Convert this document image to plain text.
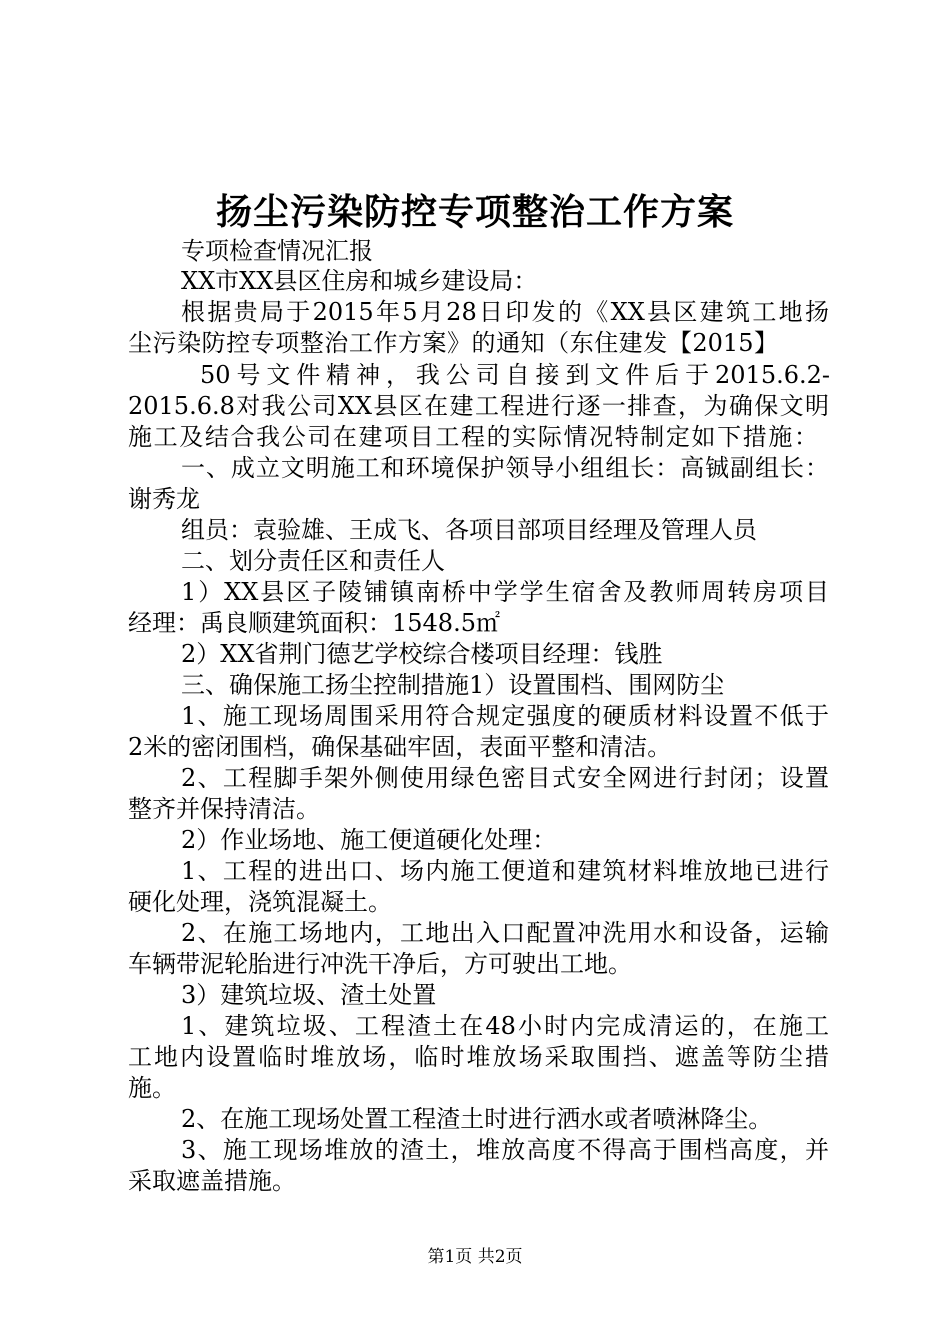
扬尘污染防控专项整治工作方案
专项检查情况汇报
XX市XX县区住房和城乡建设局：
根据贵局于2015年5月28日印发的《XX县区建筑工地扬
尘污染防控专项整治工作方案》的通知（东住建发【2015】
50号文件精神，我公司自接到文件后于2015.6.2-
2015.6.8对我公司XX县区在建工程进行逐一排查，为确保文明
施工及结合我公司在建项目工程的实际情况特制定如下措施：
一、成立文明施工和环境保护领导小组组长：高铖副组长：
谢秀龙
组员：袁验雄、王成飞、各项目部项目经理及管理人员
二、划分责任区和责任人
1）XX县区子陵铺镇南桥中学学生宿舍及教师周转房项目
经理：禹良顺建筑面积：1548.5㎡
2）XX省荆门德艺学校综合楼项目经理：钱胜
三、确保施工扬尘控制措施1）设置围档、围网防尘
1、施工现场周围采用符合规定强度的硬质材料设置不低于
2米的密闭围档，确保基础牢固，表面平整和清洁。
2、工程脚手架外侧使用绿色密目式安全网进行封闭；设置
整齐并保持清洁。
2）作业场地、施工便道硬化处理：
1、工程的进出口、场内施工便道和建筑材料堆放地已进行
硬化处理，浇筑混凝土。
2、在施工场地内，工地出入口配置冲洗用水和设备，运输
车辆带泥轮胎进行冲洗干净后，方可驶出工地。
3）建筑垃圾、渣土处置
1、建筑垃圾、工程渣土在48小时内完成清运的，在施工
工地内设置临时堆放场，临时堆放场采取围挡、遮盖等防尘措
施。
2、在施工现场处置工程渣土时进行洒水或者喷淋降尘。
3、施工现场堆放的渣土，堆放高度不得高于围档高度，并
采取遮盖措施。
第1页 共2页
